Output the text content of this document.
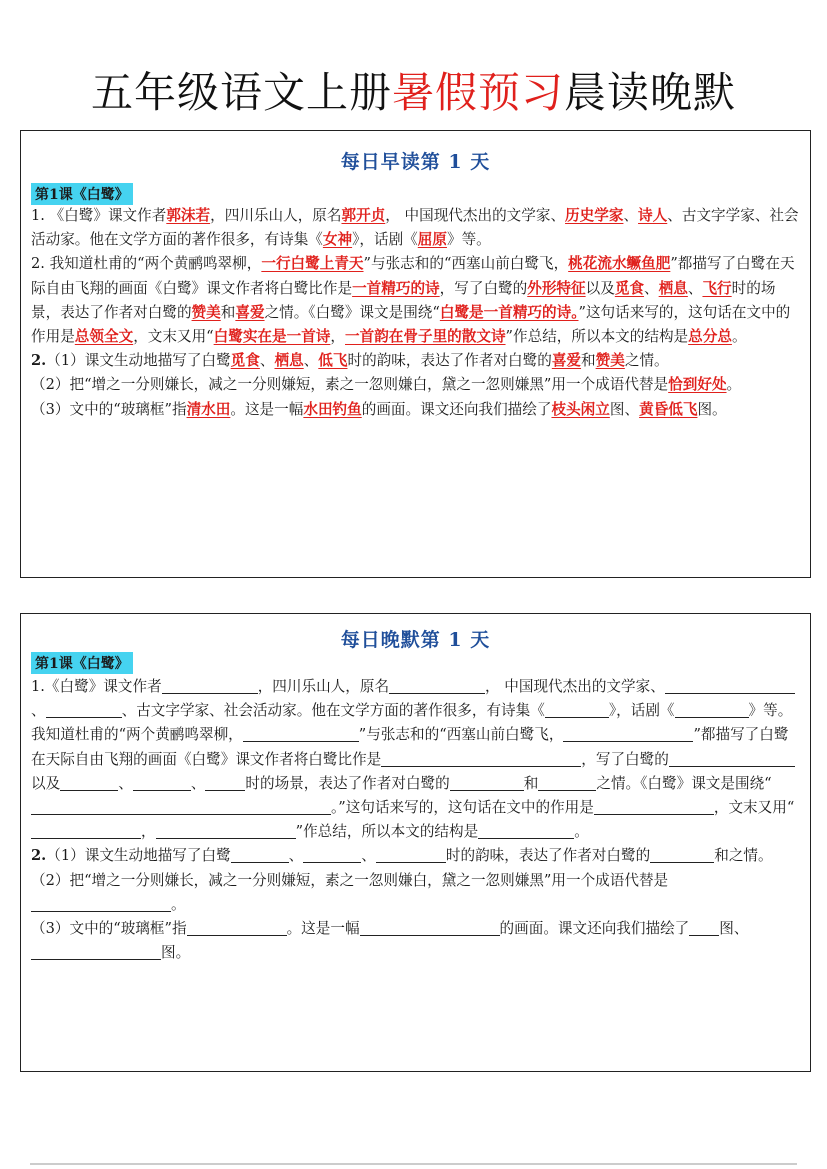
五年级语文上册暑假预习晨读晚默
每日早读第 1 天
第1课《白鹭》

1. 《白鹭》课文作者郭沫若，四川乐山人，原名郭开贞， 中国现代杰出的文学家、历史学家、诗人、古文字学家、社会活动家。他在文学方面的著作很多，有诗集《女神》，话剧《屈原》等。

2. 我知道杜甫的“两个黄鹂鸣翠柳，一行白鹭上青天”与张志和的“西塞山前白鹭飞，桃花流水鳜鱼肥”都描写了白鹭在天际自由飞翔的画面《白鹭》课文作者将白鹭比作是一首精巧的诗，写了白鹭的外形特征以及觅食、栖息、飞行时的场景，表达了作者对白鹭的赞美和喜爱之情。《白鹭》课文是围绕“白鹭是一首精巧的诗。”这句话来写的，这句话在文中的作用是总领全文，文末又用“白鹭实在是一首诗，一首韵在骨子里的散文诗”作总结，所以本文的结构是总分总。

2.（1）课文生动地描写了白鹭觅食、栖息、低飞时的韵味，表达了作者对白鹭的喜爱和赞美之情。

（2）把“增之一分则嫌长，减之一分则嫌短，素之一忽则嫌白，黛之一忽则嫌黑”用一个成语代替是恰到好处。

（3）文中的“玻璃框”指清水田。这是一幅水田钓鱼的画面。课文还向我们描绘了枝头闲立图、黄昏低飞图。

每日晚默第 1 天
第1课《白鹭》

1.《白鹭》课文作者	，四川乐山人，原名	， 中国现代杰出的文学家、、	、古文字学家、社会活动家。他在文学方面的著作很多，有诗集《	》，话剧《	》等。我知道杜甫的“两个黄鹂鸣翠柳，	”与张志和的“西塞山前白鹭飞，	”都描写了白鹭在天际自由飞翔的画面《白鹭》课文作者将白鹭比作是	，写了白鹭的以及	、	、	时的场景，表达了作者对白鹭的	和	之情。《白鹭》课文是围绕“。”这句话来写的，这句话在文中的作用是	，文末又用“，	”作总结，所以本文的结构是	。

2.（1）课文生动地描写了白鹭	、	、	时的韵味，表达了作者对白鹭的	和之情。

（2）把“增之一分则嫌长，减之一分则嫌短，素之一忽则嫌白，黛之一忽则嫌黑”用一个成语代替是。

（3）文中的“玻璃框”指	。这是一幅	的画面。课文还向我们描绘了 图、图。
